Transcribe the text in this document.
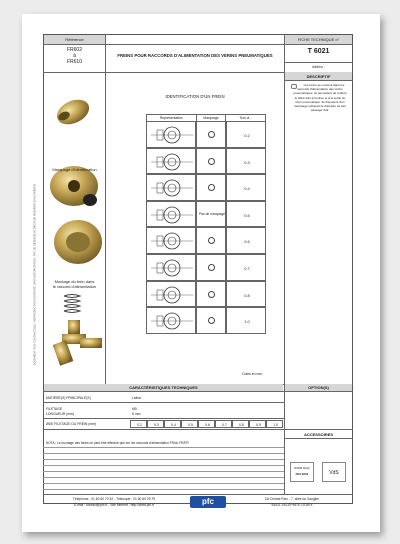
Référence
FR602
à
FR610
FREINS POUR RACCORDS D'ALIMENTATION DES VÉRINS PNEUMATIQUES
FICHE TECHNIQUE n°
T 6021
édition :
DESCRIPTIF
Les freins se montent dans les raccords d'alimentation des vérins pneumatiques. Ils permettent de réduire le débit d'air à l'entrée et à la sortie du vérin pneumatique. Ils disposent d'un marquage indiquant le diamètre de leur passage d'air.
Marquage d'identification
Montage du frein dans
le raccord d'alimentation
DOCUMENT NON CONTRACTUEL - REPRODUCTION INTERDITE SANS AUTORISATION - PFC SE RÉSERVE LE DROIT DE MODIFIER SANS PRÉAVIS
IDENTIFICATION D'UN FREIN
Représentation	Marquage	Trou ø...
0.2
0.3
0.4
Pas de marquage	0.5
0.6
0.7
0.8
1.0
Cotes en mm
CARACTÉRISTIQUES TECHNIQUES	OPTION(S)
MATIÈRE(S) PRINCIPALE(S)	Laiton
FILETAGE	M5
LONGUEUR (mm)	8 mm
ØDE FILETAGE DU FREIN (mm)	0.2	0.3	0.4	0.5	0.6	0.7	0.8	0.9	1.0
ACCESSOIRES
NOTA : Le montage des freins ne peut être effectué que sur les raccords d'alimentation FR/ou FR/FR
NORM AFAQ
ISO 9001	VdS
Téléphone : 01 60 60 70 52 - Télécopie : 01 60 60 29 79
E-mail : contact@pfc.fr - Site internet : http://www.pfc.fr	pfc	ZA Central Parc - 7, allée du Sanglier
93421 VILLEPINTE CEDEX
